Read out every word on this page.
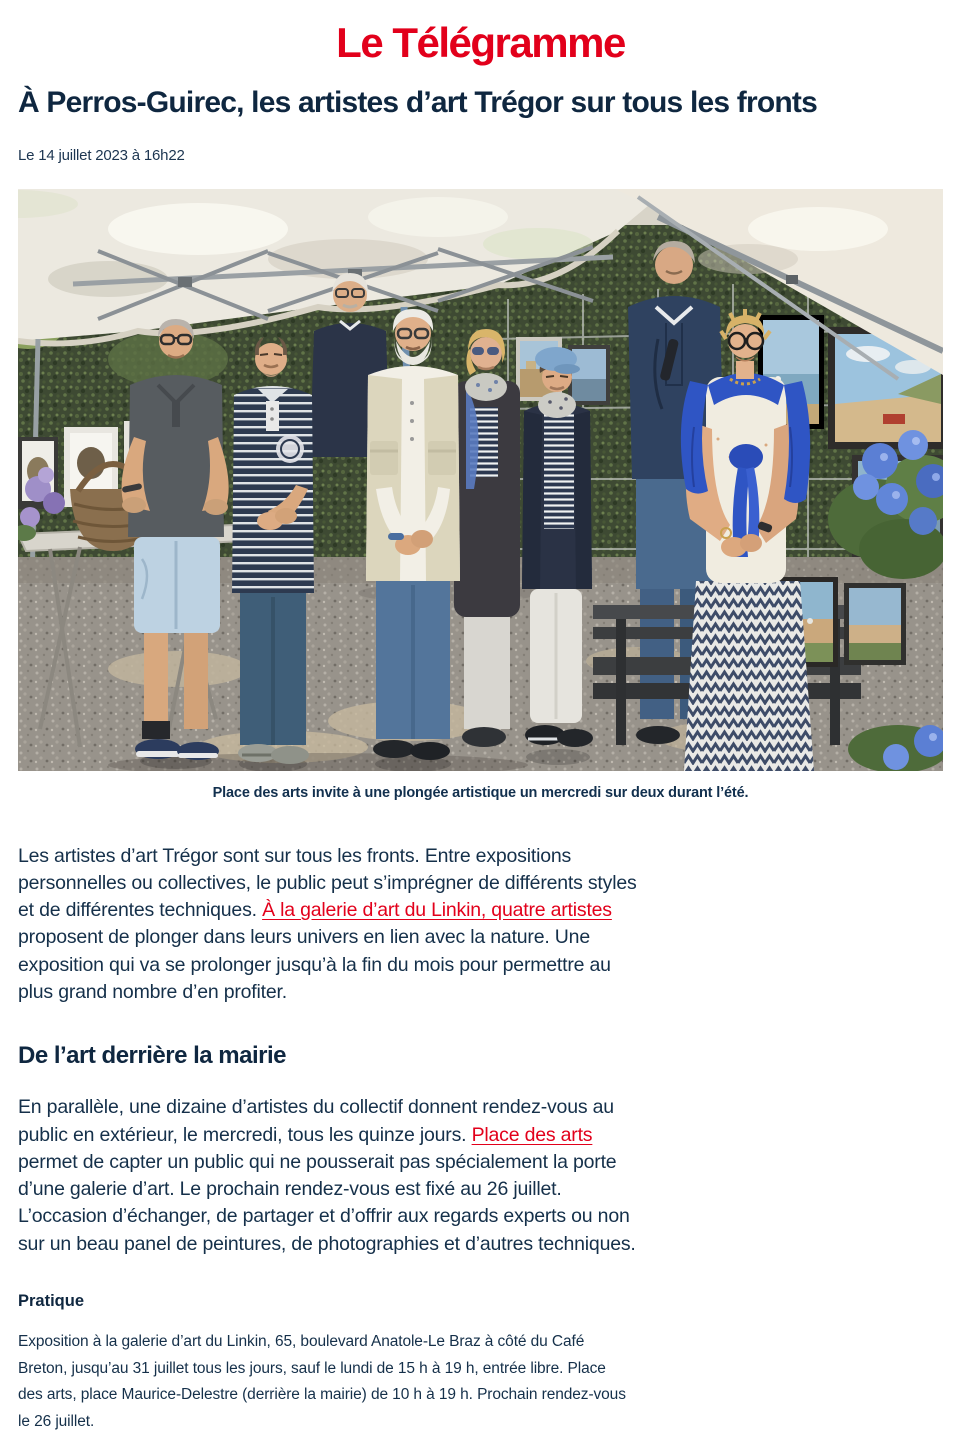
Le Télégramme
À Perros-Guirec, les artistes d’art Trégor sur tous les fronts
Le 14 juillet 2023 à 16h22
Place des arts invite à une plongée artistique un mercredi sur deux durant l’été.

Les artistes d’art Trégor sont sur tous les fronts. Entre expositions personnelles ou collectives, le public peut s’imprégner de différents styles et de différentes techniques. À la galerie d’art du Linkin, quatre artistes proposent de plonger dans leurs univers en lien avec la nature. Une exposition qui va se prolonger jusqu’à la fin du mois pour permettre au plus grand nombre d’en profiter.

De l’art derrière la mairie

En parallèle, une dizaine d’artistes du collectif donnent rendez-vous au public en extérieur, le mercredi, tous les quinze jours. Place des arts permet de capter un public qui ne pousserait pas spécialement la porte d’une galerie d’art. Le prochain rendez-vous est fixé au 26 juillet. L’occasion d’échanger, de partager et d’offrir aux regards experts ou non sur un beau panel de peintures, de photographies et d’autres techniques.

Pratique

Exposition à la galerie d’art du Linkin, 65, boulevard Anatole-Le Braz à côté du Café Breton, jusqu’au 31 juillet tous les jours, sauf le lundi de 15 h à 19 h, entrée libre. Place des arts, place Maurice-Delestre (derrière la mairie) de 10 h à 19 h. Prochain rendez-vous le 26 juillet.
